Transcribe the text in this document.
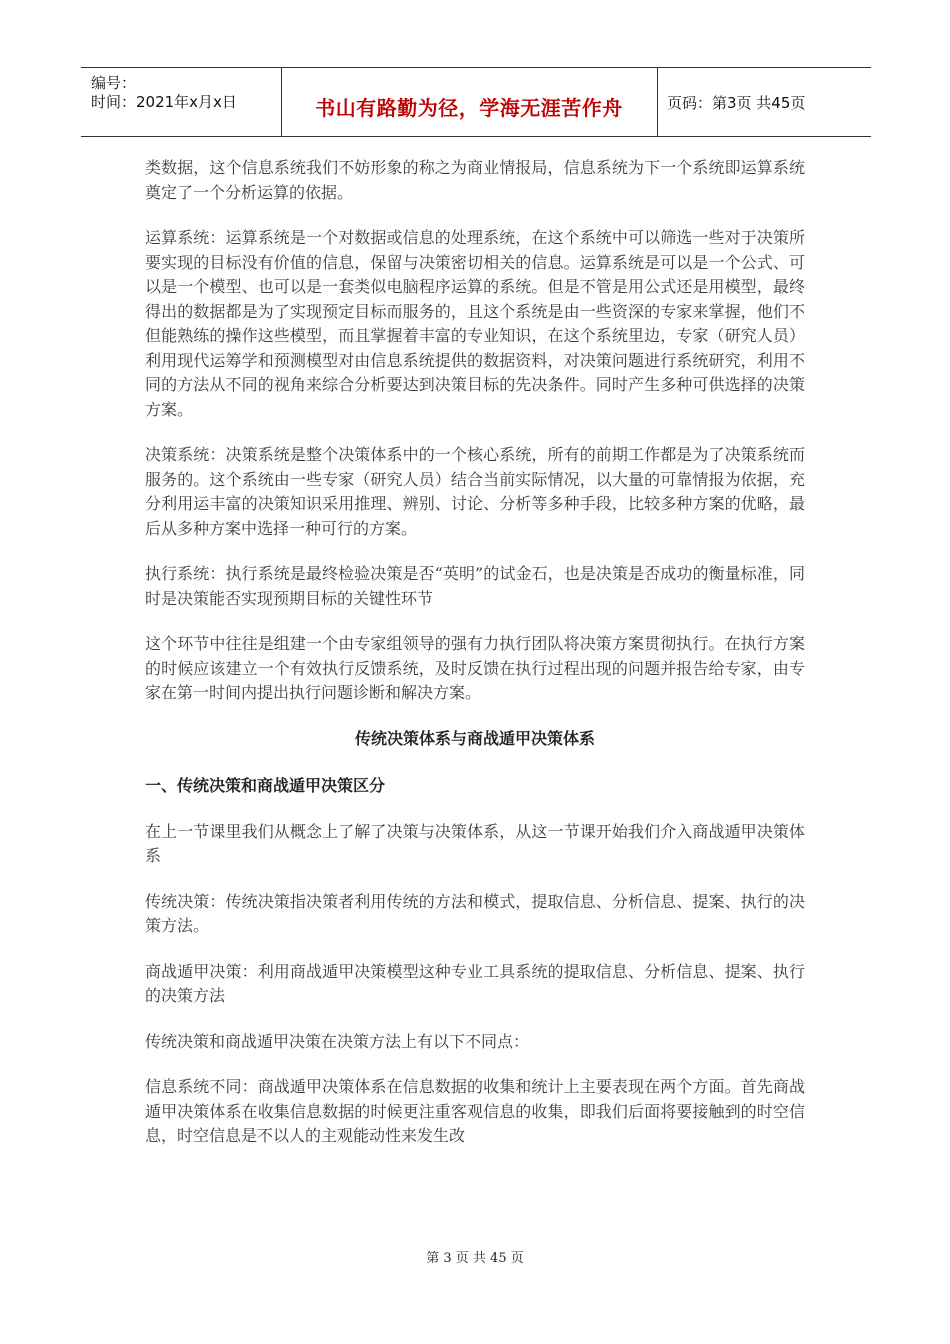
编号：
时间：2021年x月x日	书山有路勤为径，学海无涯苦作舟	页码：第3页 共45页

类数据，这个信息系统我们不妨形象的称之为商业情报局，信息系统为下一个系统即运算系统奠定了一个分析运算的依据。

运算系统：运算系统是一个对数据或信息的处理系统，在这个系统中可以筛选一些对于决策所要实现的目标没有价值的信息，保留与决策密切相关的信息。运算系统是可以是一个公式、可以是一个模型、也可以是一套类似电脑程序运算的系统。但是不管是用公式还是用模型，最终得出的数据都是为了实现预定目标而服务的，且这个系统是由一些资深的专家来掌握，他们不但能熟练的操作这些模型，而且掌握着丰富的专业知识，在这个系统里边，专家（研究人员）利用现代运筹学和预测模型对由信息系统提供的数据资料，对决策问题进行系统研究，利用不同的方法从不同的视角来综合分析要达到决策目标的先决条件。同时产生多种可供选择的决策方案。

决策系统：决策系统是整个决策体系中的一个核心系统，所有的前期工作都是为了决策系统而服务的。这个系统由一些专家（研究人员）结合当前实际情况，以大量的可靠情报为依据，充分利用运丰富的决策知识采用推理、辨别、讨论、分析等多种手段，比较多种方案的优略，最后从多种方案中选择一种可行的方案。

执行系统：执行系统是最终检验决策是否“英明”的试金石，也是决策是否成功的衡量标准，同时是决策能否实现预期目标的关键性环节

这个环节中往往是组建一个由专家组领导的强有力执行团队将决策方案贯彻执行。在执行方案的时候应该建立一个有效执行反馈系统，及时反馈在执行过程出现的问题并报告给专家，由专家在第一时间内提出执行问题诊断和解决方案。

传统决策体系与商战遁甲决策体系
一、传统决策和商战遁甲决策区分

在上一节课里我们从概念上了解了决策与决策体系，从这一节课开始我们介入商战遁甲决策体系

传统决策：传统决策指决策者利用传统的方法和模式，提取信息、分析信息、提案、执行的决策方法。

商战遁甲决策：利用商战遁甲决策模型这种专业工具系统的提取信息、分析信息、提案、执行的决策方法

传统决策和商战遁甲决策在决策方法上有以下不同点：

信息系统不同：商战遁甲决策体系在信息数据的收集和统计上主要表现在两个方面。首先商战遁甲决策体系在收集信息数据的时候更注重客观信息的收集，即我们后面将要接触到的时空信息，时空信息是不以人的主观能动性来发生改

第 3 页 共 45 页
